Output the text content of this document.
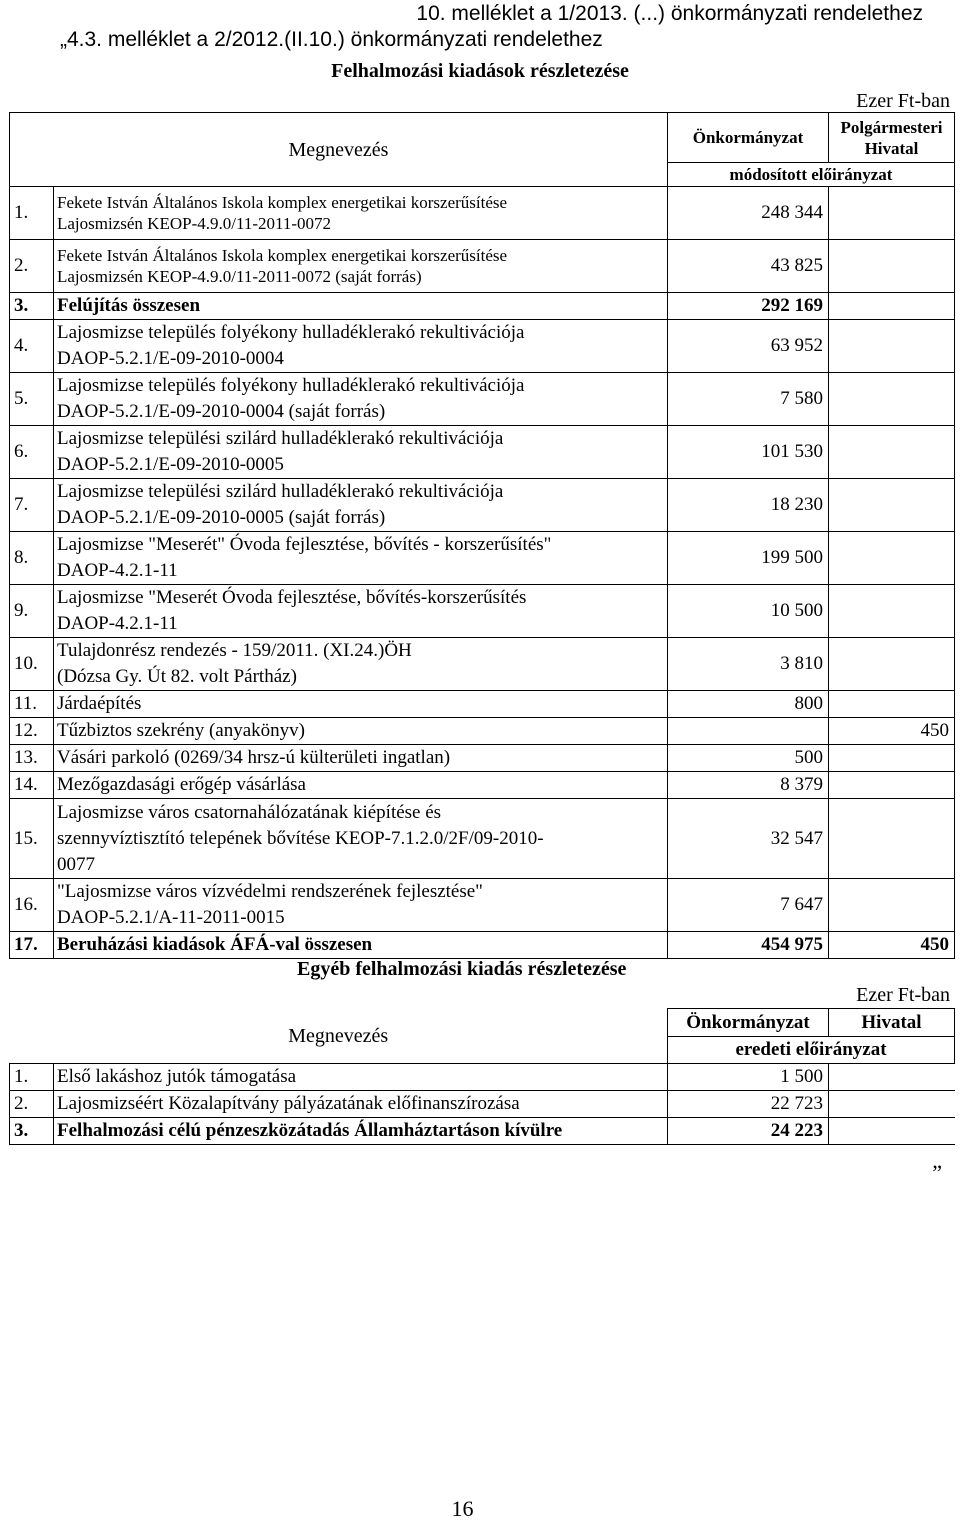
10. melléklet a 1/2013. (...) önkormányzati rendelethez
„4.3. melléklet a 2/2012.(II.10.) önkormányzati rendelethez
Felhalmozási kiadások részletezése
Ezer Ft-ban
Megnevezés		Önkormányzat	Polgármesteri
Hivatal

		módosított előirányzat	
1.	Fekete István Általános Iskola komplex energetikai korszerűsítése
Lajosmizsén KEOP-4.9.0/11-2011-0072	248 344	
2.	Fekete István Általános Iskola komplex energetikai korszerűsítése
Lajosmizsén KEOP-4.9.0/11-2011-0072 (saját forrás)	43 825	
3.	Felújítás összesen	292 169	
4.	Lajosmizse település folyékony hulladéklerakó rekultivációja
DAOP-5.2.1/E-09-2010-0004	63 952	
5.	Lajosmizse település folyékony hulladéklerakó rekultivációja
DAOP-5.2.1/E-09-2010-0004 (saját forrás)	7 580	
6.	Lajosmizse települési szilárd hulladéklerakó rekultivációja
DAOP-5.2.1/E-09-2010-0005	101 530	
7.	Lajosmizse települési szilárd hulladéklerakó rekultivációja
DAOP-5.2.1/E-09-2010-0005 (saját forrás)	18 230	
8.	Lajosmizse "Meserét" Óvoda fejlesztése, bővítés - korszerűsítés"
DAOP-4.2.1-11	199 500	
9.	Lajosmizse "Meserét Óvoda fejlesztése, bővítés-korszerűsítés
DAOP-4.2.1-11	10 500	
10.	Tulajdonrész rendezés - 159/2011. (XI.24.)ÖH
(Dózsa Gy. Út 82. volt Pártház)	3 810	
11.	Járdaépítés	800	
12.	Tűzbiztos szekrény (anyakönyv)		450
13.	Vásári parkoló (0269/34 hrsz-ú külterületi ingatlan)	500	
14.	Mezőgazdasági erőgép vásárlása	8 379	
15.	Lajosmizse város csatornahálózatának kiépítése és
szennyvíztisztító telepének bővítése KEOP-7.1.2.0/2F/09-2010-
0077	32 547	
16.	"Lajosmizse város vízvédelmi rendszerének fejlesztése"
DAOP-5.2.1/A-11-2011-0015	7 647	
17.	Beruházási kiadások ÁFÁ-val összesen	454 975	450
Egyéb felhalmozási kiadás részletezése
Ezer Ft-ban
Megnevezés		Önkormányzat	Hivatal
		eredeti előirányzat	
1.	Első lakáshoz jutók támogatása	1 500	
2.	Lajosmizséért Közalapítvány pályázatának előfinanszírozása	22 723	
3.	Felhalmozási célú pénzeszközátadás Államháztartáson kívülre	24 223	
„
16
